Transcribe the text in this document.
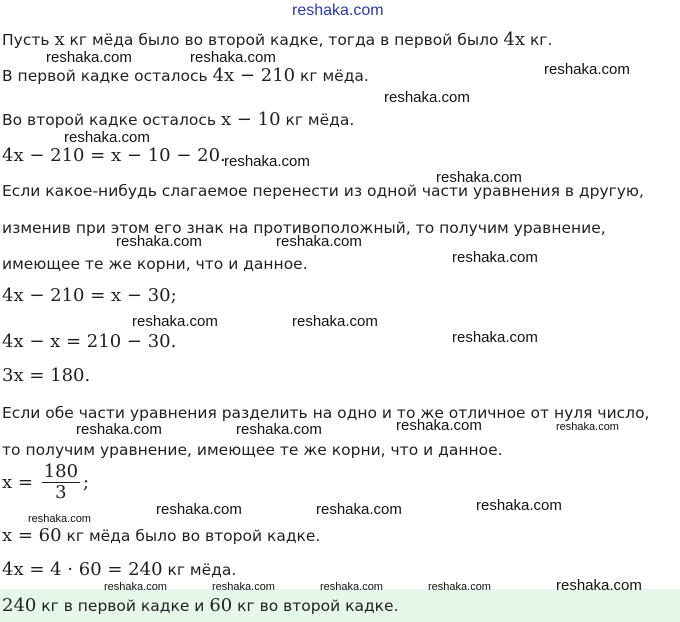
reshaka.com
Пусть x кг мёда было во второй кадке, тогда в первой было 4x кг.
В первой кадке осталось 4x − 210 кг мёда.
Во второй кадке осталось x − 10 кг мёда.
4x − 210 = x − 10 − 20.
Если какое-нибудь слагаемое перенести из одной части уравнения в другую,
изменив при этом его знак на противоположный, то получим уравнение,
имеющее те же корни, что и данное.
4x − 210 = x − 30;
4x − x = 210 − 30.
3x = 180.
Если обе части уравнения разделить на одно и то же отличное от нуля число,
то получим уравнение, имеющее те же корни, что и данное.
$x = \frac{180}{3}$ ;
x = 60 кг мёда было во второй кадке.
4x = 4 · 60 = 240 кг мёда.
240 кг в первой кадке и 60 кг во второй кадке.
reshaka.com	reshaka.com
reshaka.com
reshaka.com
reshaka.com
reshaka.com
reshaka.com
reshaka.com	reshaka.com
reshaka.com
reshaka.com	reshaka.com
reshaka.com
reshaka.com	reshaka.com	reshaka.com	reshaka.com
reshaka.com	reshaka.com	reshaka.com
reshaka.com
reshaka.com	reshaka.com	reshaka.com	reshaka.com	reshaka.com
